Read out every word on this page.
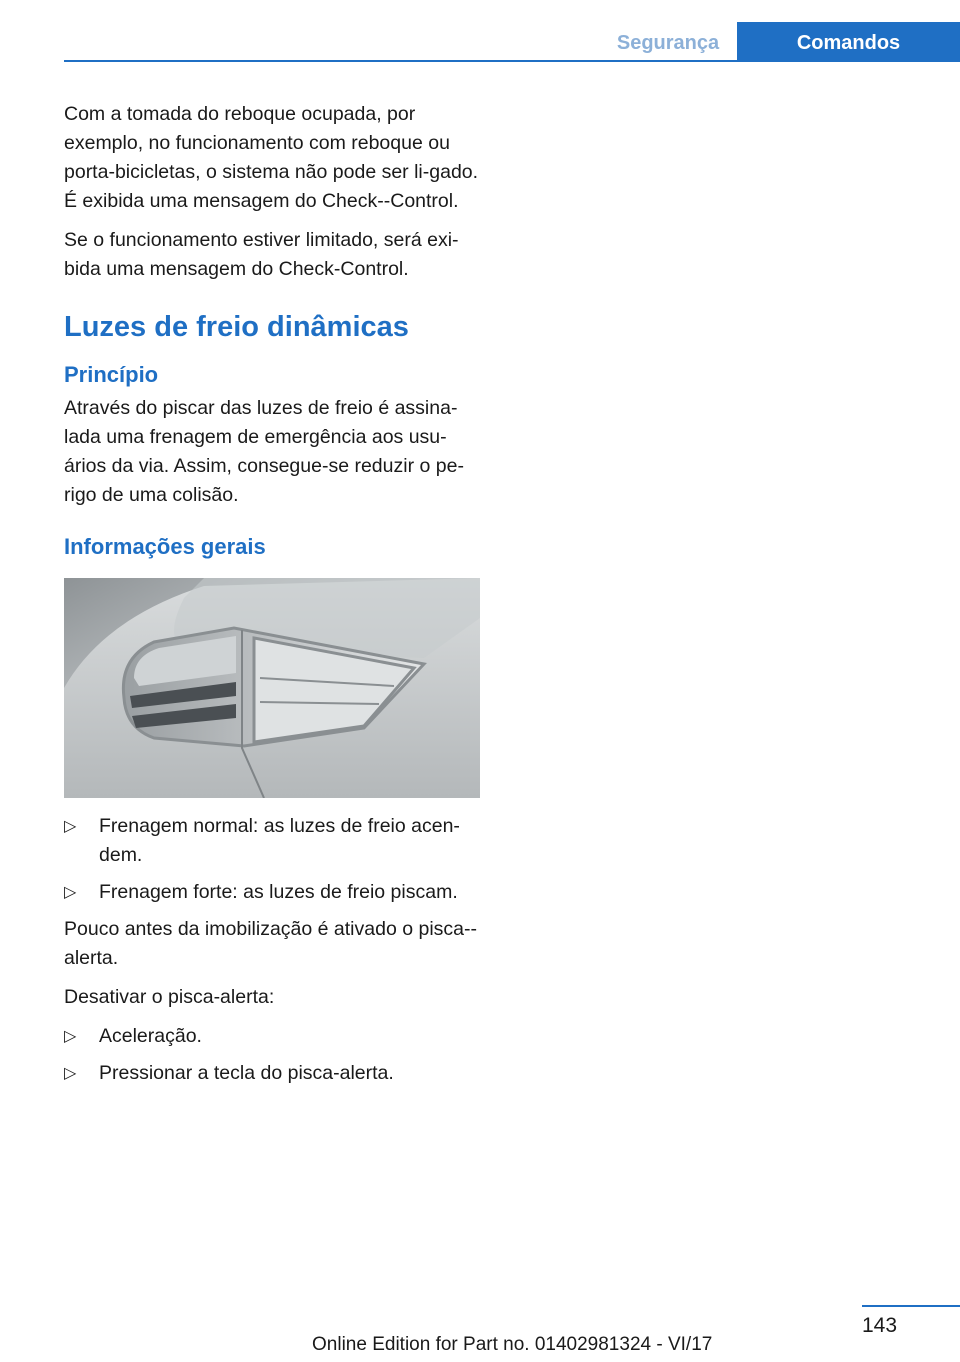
Segurança	Comandos

Com a tomada do reboque ocupada, por exemplo, no funcionamento com reboque ou porta-bicicletas, o sistema não pode ser li-gado. É exibida uma mensagem do Check--Control.

Se o funcionamento estiver limitado, será exi-bida uma mensagem do Check-Control.

Luzes de freio dinâmicas
Princípio

Através do piscar das luzes de freio é assina-lada uma frenagem de emergência aos usu-ários da via. Assim, consegue-se reduzir o pe-rigo de uma colisão.

Informações gerais
▷ Frenagem normal: as luzes de freio acen-dem.
▷ Frenagem forte: as luzes de freio piscam.

Pouco antes da imobilização é ativado o pisca--alerta.

Desativar o pisca-alerta:

▷ Aceleração.
▷ Pressionar a tecla do pisca-alerta.
143
Online Edition for Part no. 01402981324 - VI/17
